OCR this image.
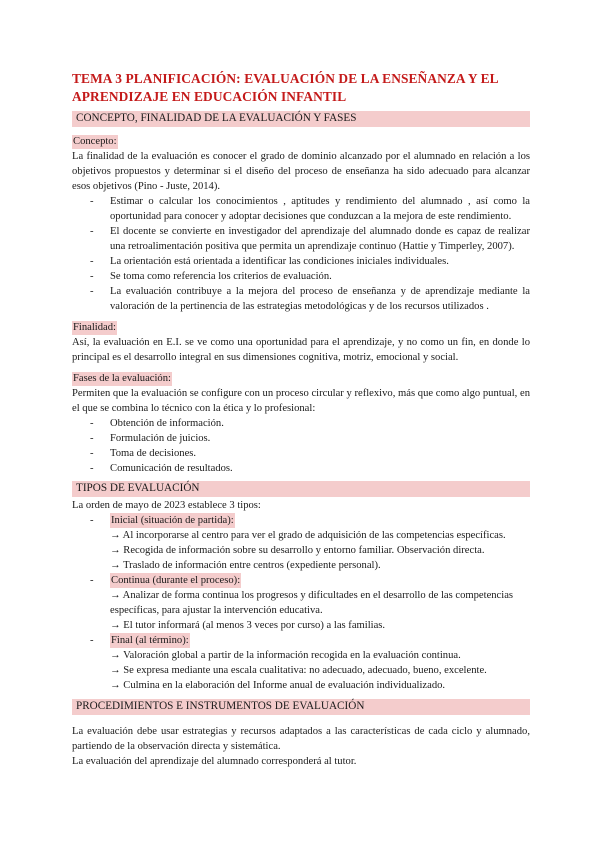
TEMA 3 PLANIFICACIÓN: EVALUACIÓN DE LA ENSEÑANZA Y EL
APRENDIZAJE EN EDUCACIÓN INFANTIL
CONCEPTO, FINALIDAD DE LA EVALUACIÓN Y FASES
Concepto:

La finalidad de la evaluación es conocer el grado de dominio alcanzado por el alumnado en relación a los objetivos propuestos y determinar si el diseño del proceso de enseñanza ha sido adecuado para alcanzar esos objetivos (Pino - Juste, 2014).

- Estimar o calcular los conocimientos , aptitudes y rendimiento del alumnado , así como la oportunidad para conocer y adoptar decisiones que conduzcan a la mejora de este rendimiento.
- El docente se convierte en investigador del aprendizaje del alumnado donde es capaz de realizar una retroalimentación positiva que permita un aprendizaje continuo (Hattie y Timperley, 2007).
- La orientación está orientada a identificar las condiciones iniciales individuales.
- Se toma como referencia los criterios de evaluación.
- La evaluación contribuye a la mejora del proceso de enseñanza y de aprendizaje mediante la valoración de la pertinencia de las estrategias metodológicas y de los recursos utilizados .
Finalidad:

Así, la evaluación en E.I. se ve como una oportunidad para el aprendizaje, y no como un fin, en donde lo principal es el desarrollo integral en sus dimensiones cognitiva, motriz, emocional y social.

Fases de la evaluación:

Permiten que la evaluación se configure con un proceso circular y reflexivo, más que como algo puntual, en el que se combina lo técnico con la ética y lo profesional:

- Obtención de información.
- Formulación de juicios.
- Toma de decisiones.
- Comunicación de resultados.
TIPOS DE EVALUACIÓN

La orden de mayo de 2023 establece 3 tipos:

- Inicial (situación de partida):
→ Al incorporarse al centro para ver el grado de adquisición de las competencias específicas.
→ Recogida de información sobre su desarrollo y entorno familiar. Observación directa.
→ Traslado de información entre centros (expediente personal).
- Continua (durante el proceso):
→ Analizar de forma continua los progresos y dificultades en el desarrollo de las competencias específicas, para ajustar la intervención educativa.
→ El tutor informará (al menos 3 veces por curso) a las familias.
- Final (al término):
→ Valoración global a partir de la información recogida en la evaluación continua.
→ Se expresa mediante una escala cualitativa: no adecuado, adecuado, bueno, excelente.
→ Culmina en la elaboración del Informe anual de evaluación individualizado.
PROCEDIMIENTOS E INSTRUMENTOS DE EVALUACIÓN

La evaluación debe usar estrategias y recursos adaptados a las características de cada ciclo y alumnado, partiendo de la observación directa y sistemática.

La evaluación del aprendizaje del alumnado corresponderá al tutor.
